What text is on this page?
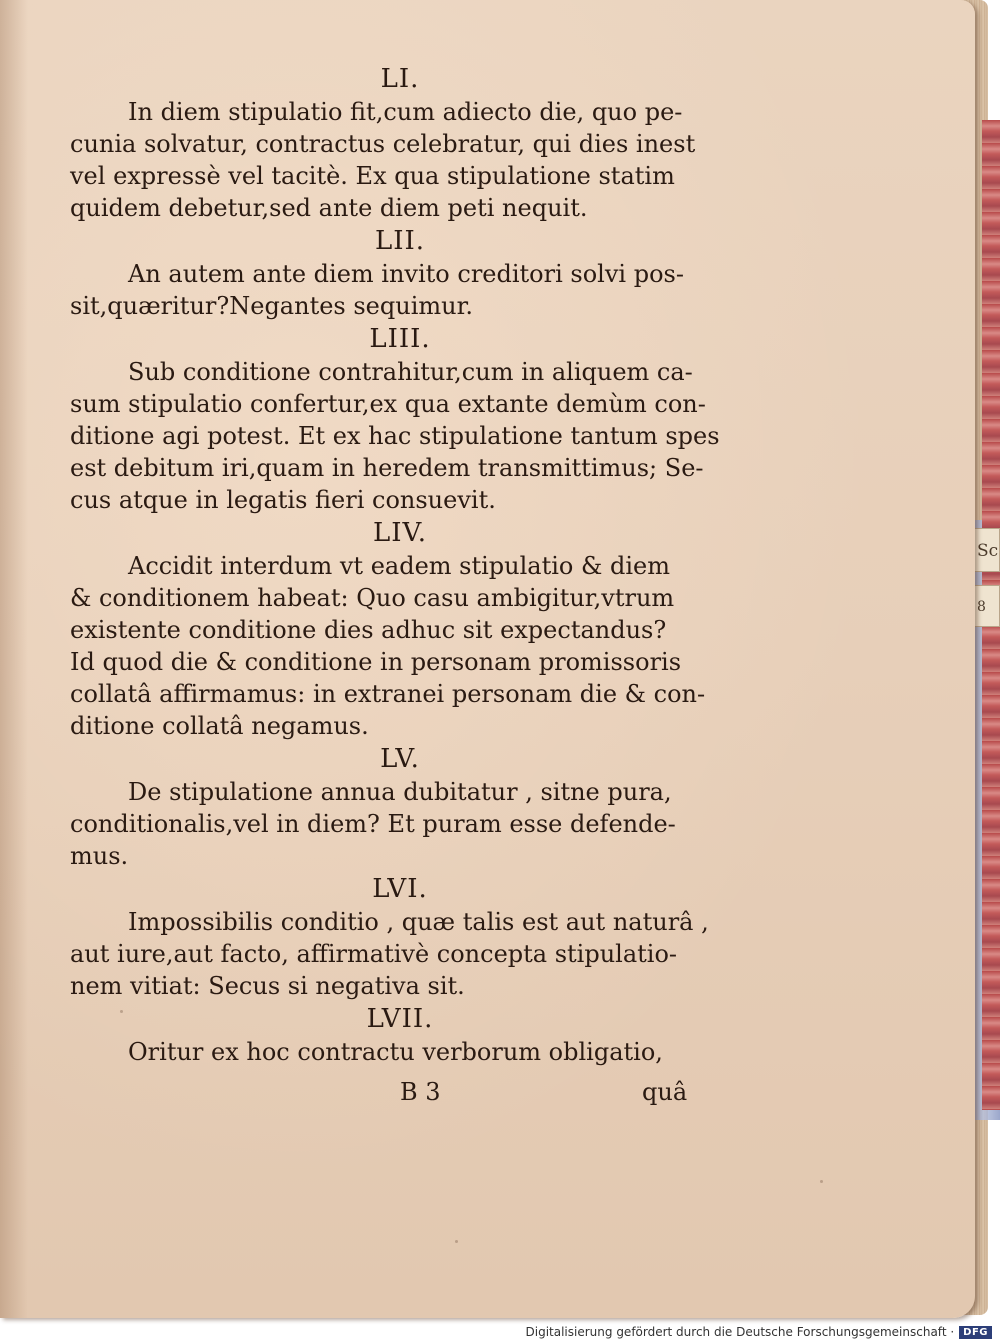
Sc
8
LI.
In diem stipulatio fit,cum adiecto die, quo pe-
cunia solvatur, contractus celebratur, qui dies inest
vel expressè vel tacitè. Ex qua stipulatione statim
quidem debetur,sed ante diem peti nequit.
LII.
An autem ante diem invito creditori solvi pos-
sit,quæritur?Negantes sequimur.
LIII.
Sub conditione contrahitur,cum in aliquem ca-
sum stipulatio confertur,ex qua extante demùm con-
ditione agi potest. Et ex hac stipulatione tantum spes
est debitum iri,quam in heredem transmittimus; Se-
cus atque in legatis fieri consuevit.
LIV.
Accidit interdum vt eadem stipulatio & diem
& conditionem habeat: Quo casu ambigitur,vtrum
existente conditione dies adhuc sit expectandus?
Id quod die & conditione in personam promissoris
collatâ affirmamus: in extranei personam die & con-
ditione collatâ negamus.
LV.
De stipulatione annua dubitatur , sitne pura,
conditionalis,vel in diem? Et puram esse defende-
mus.
LVI.
Impossibilis conditio , quæ talis est aut naturâ ,
aut iure,aut facto, affirmativè concepta stipulatio-
nem vitiat: Secus si negativa sit.
LVII.
Oritur ex hoc contractu verborum obligatio,
B 3	quâ
Digitalisierung gefördert durch die Deutsche Forschungsgemeinschaft · DFG
